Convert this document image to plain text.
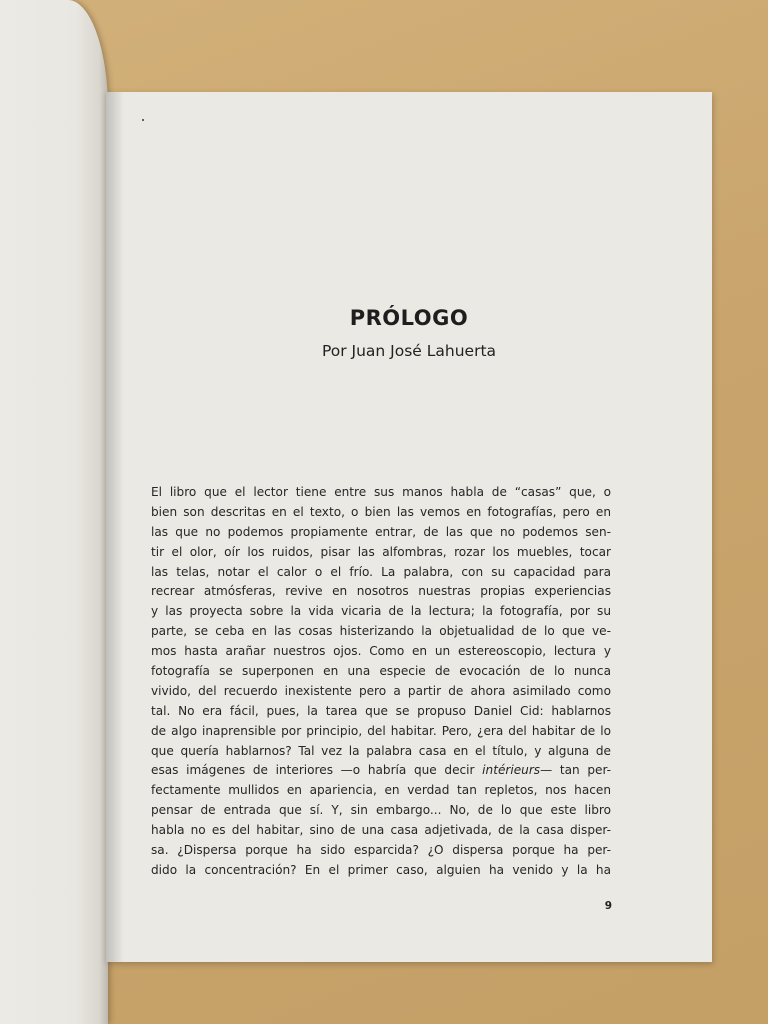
PRÓLOGO

Por Juan José Lahuerta

El libro que el lector tiene entre sus manos habla de “casas” que, o
bien son descritas en el texto, o bien las vemos en fotografías, pero en
las que no podemos propiamente entrar, de las que no podemos sen-
tir el olor, oír los ruidos, pisar las alfombras, rozar los muebles, tocar
las telas, notar el calor o el frío. La palabra, con su capacidad para
recrear atmósferas, revive en nosotros nuestras propias experiencias
y las proyecta sobre la vida vicaria de la lectura; la fotografía, por su
parte, se ceba en las cosas histerizando la objetualidad de lo que ve-
mos hasta arañar nuestros ojos. Como en un estereoscopio, lectura y
fotografía se superponen en una especie de evocación de lo nunca
vivido, del recuerdo inexistente pero a partir de ahora asimilado como
tal. No era fácil, pues, la tarea que se propuso Daniel Cid: hablarnos
de algo inaprensible por principio, del habitar. Pero, ¿era del habitar de lo
que quería hablarnos? Tal vez la palabra casa en el título, y alguna de
esas imágenes de interiores —o habría que decir intérieurs— tan per-
fectamente mullidos en apariencia, en verdad tan repletos, nos hacen
pensar de entrada que sí. Y, sin embargo... No, de lo que este libro
habla no es del habitar, sino de una casa adjetivada, de la casa disper-
sa. ¿Dispersa porque ha sido esparcida? ¿O dispersa porque ha per-
dido la concentración? En el primer caso, alguien ha venido y la ha
9
